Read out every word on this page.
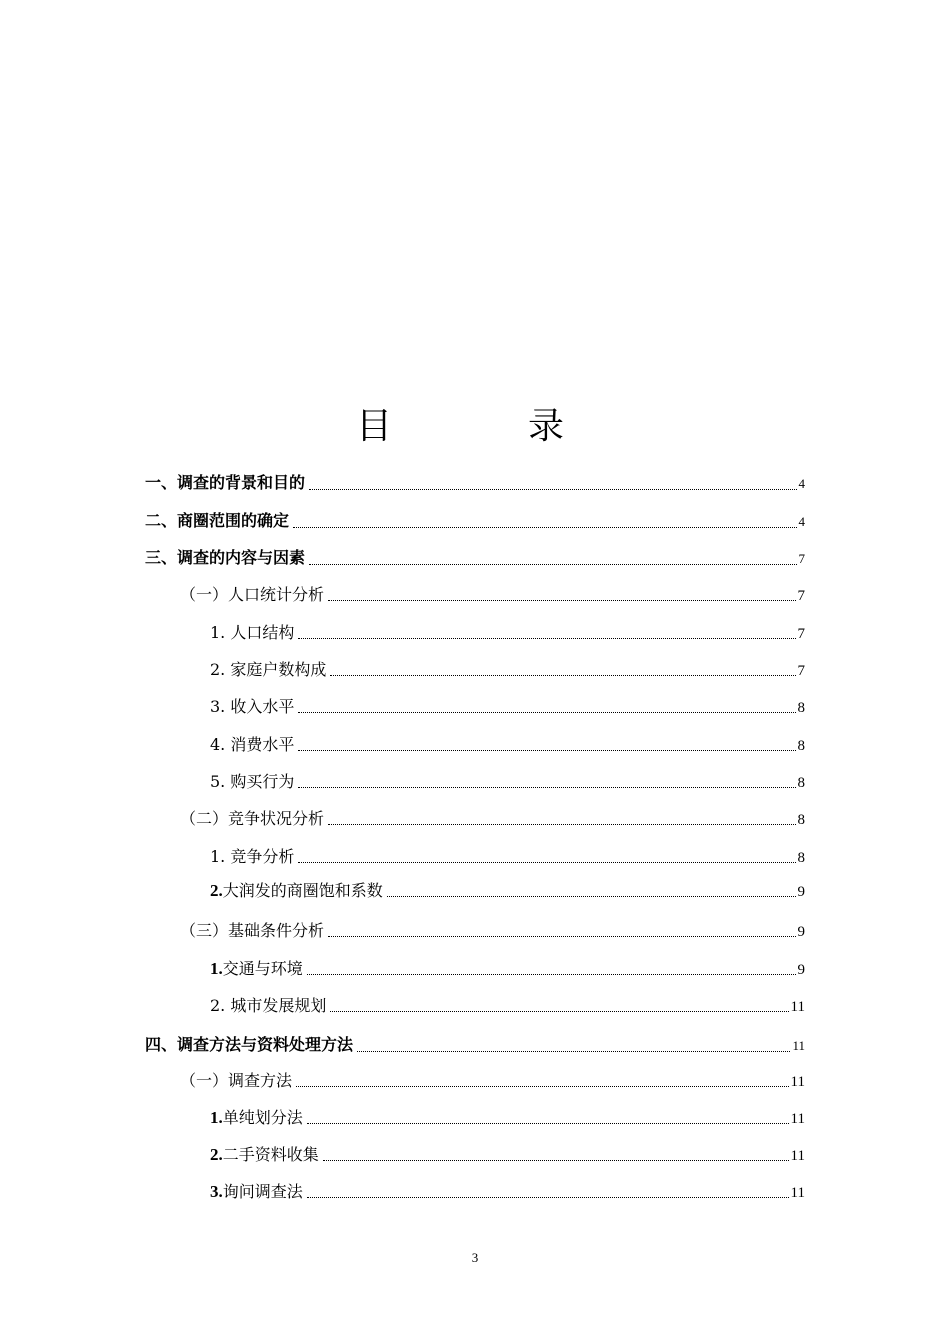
目　录
一、调查的背景和目的	4
二、商圈范围的确定	4
三、调查的内容与因素	7
（一）人口统计分析	7
1. 人口结构	7
2. 家庭户数构成	7
3. 收入水平	8
4. 消费水平	8
5. 购买行为	8
（二）竞争状况分析	8
1. 竞争分析	8
2.大润发的商圈饱和系数	9
（三）基础条件分析	9
1.交通与环境	9
2. 城市发展规划	11
四、调查方法与资料处理方法	11
（一）调查方法	11
1.单纯划分法	11
2.二手资料收集	11
3.询问调查法	11
3
